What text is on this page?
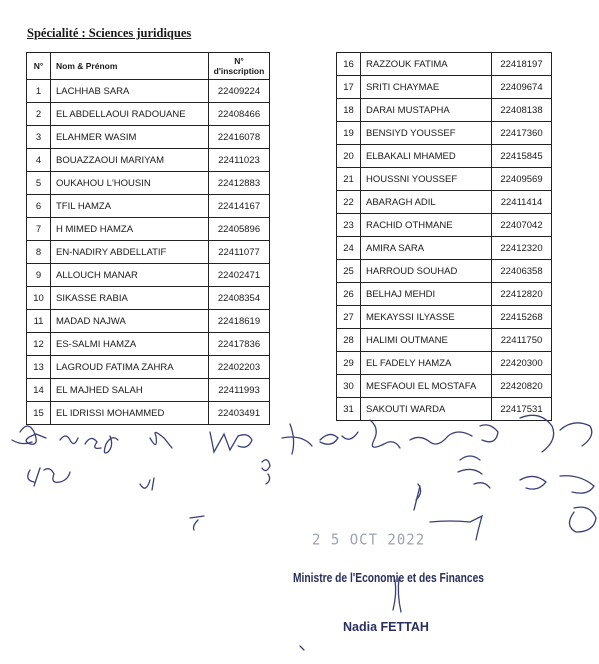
Spécialité : Sciences juridiques
N°	Nom & Prénom	N°
d'inscription
1	LACHHAB SARA	22409224
2	EL ABDELLAOUI RADOUANE	22408466
3	ELAHMER WASIM	22416078
4	BOUAZZAOUI MARIYAM	22411023
5	OUKAHOU L'HOUSIN	22412883
6	TFIL HAMZA	22414167
7	H MIMED HAMZA	22405896
8	EN-NADIRY ABDELLATIF	22411077
9	ALLOUCH MANAR	22402471
10	SIKASSE RABIA	22408354
11	MADAD NAJWA	22418619
12	ES-SALMI HAMZA	22417836
13	LAGROUD FATIMA ZAHRA	22402203
14	EL MAJHED SALAH	22411993
15	EL IDRISSI MOHAMMED	22403491
16	RAZZOUK FATIMA	22418197
17	SRITI CHAYMAE	22409674
18	DARAI MUSTAPHA	22408138
19	BENSIYD YOUSSEF	22417360
20	ELBAKALI MHAMED	22415845
21	HOUSSNI YOUSSEF	22409569
22	ABARAGH ADIL	22411414
23	RACHID OTHMANE	22407042
24	AMIRA SARA	22412320
25	HARROUD SOUHAD	22406358
26	BELHAJ MEHDI	22412820
27	MEKAYSSI ILYASSE	22415268
28	HALIMI OUTMANE	22411750
29	EL FADELY HAMZA	22420300
30	MESFAOUI EL MOSTAFA	22420820
31	SAKOUTI WARDA	22417531
2 5 OCT 2022
Ministre de l'Economie et des Finances
Nadia FETTAH
